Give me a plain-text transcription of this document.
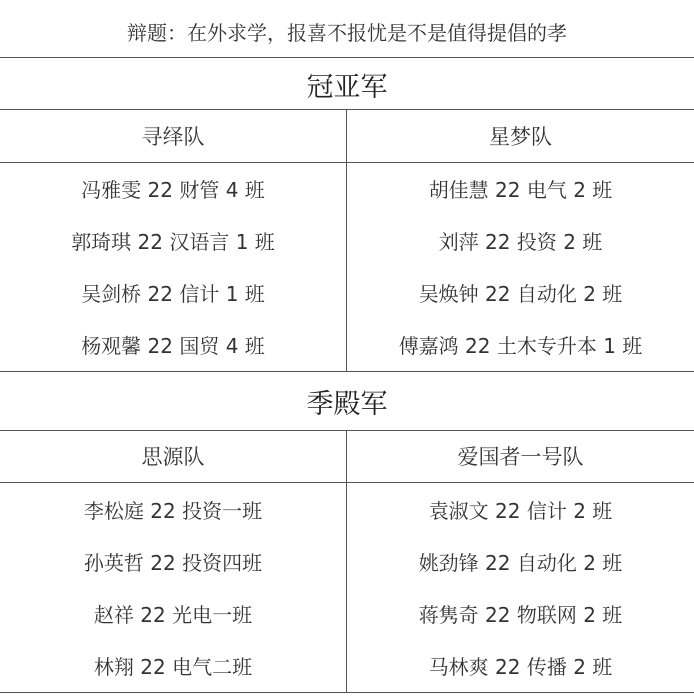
辩题：在外求学，报喜不报忧是不是值得提倡的孝
冠亚军
寻绎队	星梦队
冯雅雯 22 财管 4 班
郭琦琪 22 汉语言 1 班
吴剑桥 22 信计 1 班
杨观馨 22 国贸 4 班
胡佳慧 22 电气 2 班
刘萍 22 投资 2 班
吴焕钟 22 自动化 2 班
傅嘉鸿 22 土木专升本 1 班
季殿军
思源队	爱国者一号队
李松庭 22 投资一班
孙英哲 22 投资四班
赵祥 22 光电一班
林翔 22 电气二班
袁淑文 22 信计 2 班
姚劲锋 22 自动化 2 班
蒋隽奇 22 物联网 2 班
马林爽 22 传播 2 班
